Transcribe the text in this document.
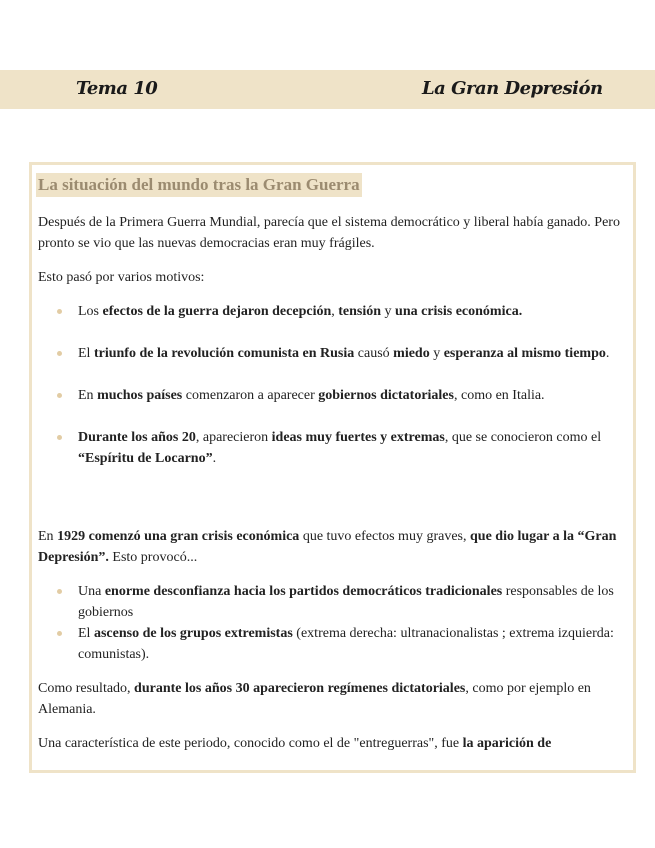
Tema 10	La Gran Depresión
La situación del mundo tras la Gran Guerra

Después de la Primera Guerra Mundial, parecía que el sistema democrático y liberal había ganado. Pero pronto se vio que las nuevas democracias eran muy frágiles.

Esto pasó por varios motivos:

Los efectos de la guerra dejaron decepción, tensión y una crisis económica.
El triunfo de la revolución comunista en Rusia causó miedo y esperanza al mismo tiempo.
En muchos países comenzaron a aparecer gobiernos dictatoriales, como en Italia.
Durante los años 20, aparecieron ideas muy fuertes y extremas, que se conocieron como el “Espíritu de Locarno”.

En 1929 comenzó una gran crisis económica que tuvo efectos muy graves, que dio lugar a la “Gran Depresión”. Esto provocó...

Una enorme desconfianza hacia los partidos democráticos tradicionales responsables de los gobiernos
El ascenso de los grupos extremistas (extrema derecha: ultranacionalistas ; extrema izquierda: comunistas).

Como resultado, durante los años 30 aparecieron regímenes dictatoriales, como por ejemplo en Alemania.

Una característica de este periodo, conocido como el de "entreguerras", fue la aparición de
